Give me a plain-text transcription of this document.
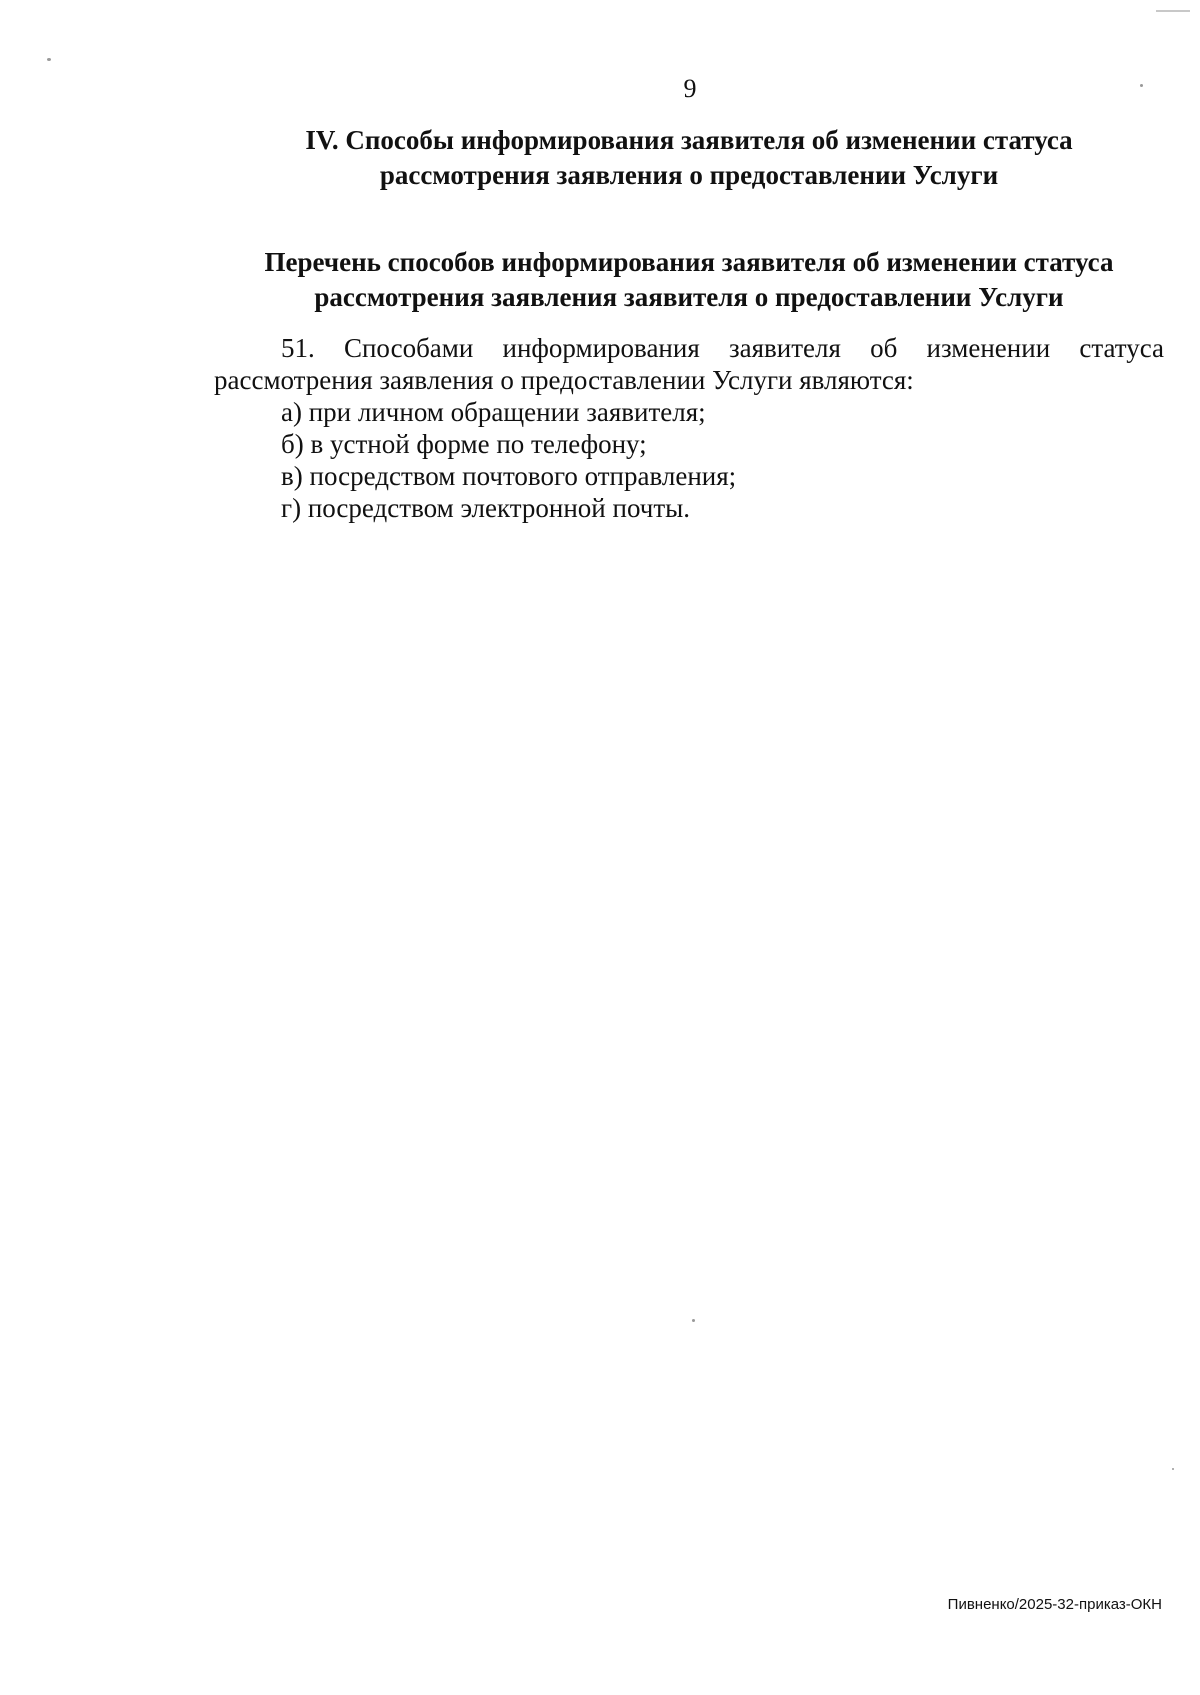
9
IV. Способы информирования заявителя об изменении статуса
рассмотрения заявления о предоставлении Услуги
Перечень способов информирования заявителя об изменении статуса
рассмотрения заявления заявителя о предоставлении Услуги
51. Способами информирования заявителя об изменении статуса
рассмотрения заявления о предоставлении Услуги являются:
а) при личном обращении заявителя;
б) в устной форме по телефону;
в) посредством почтового отправления;
г) посредством электронной почты.
Пивненко/2025-32-приказ-ОКН
